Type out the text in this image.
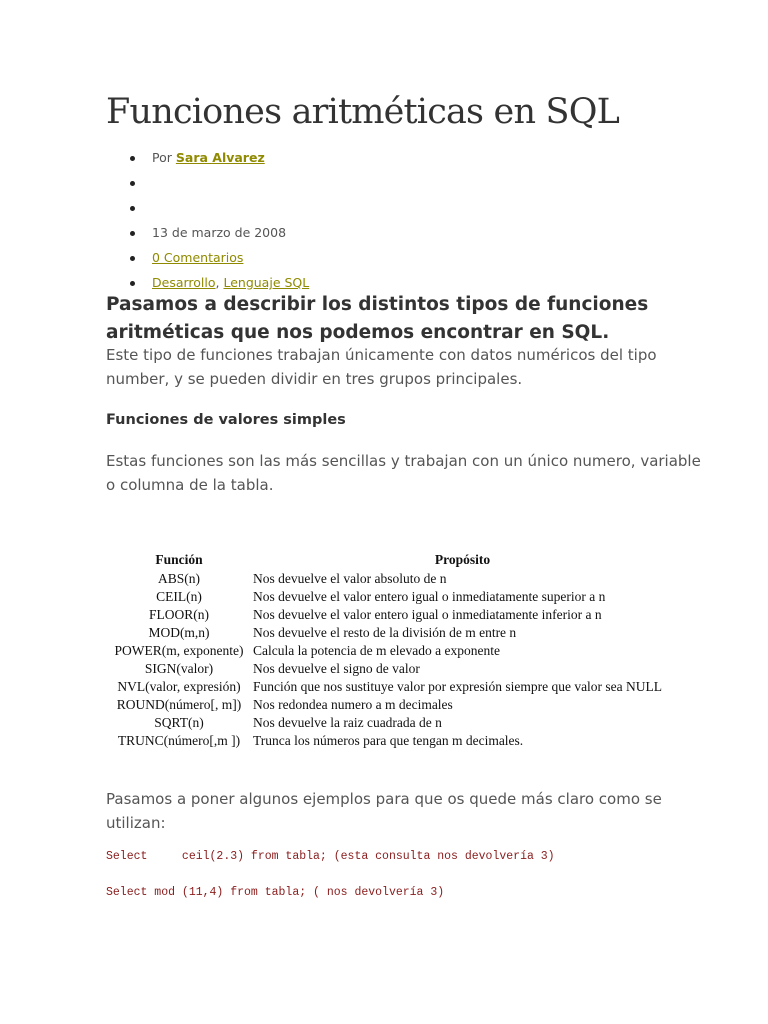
Funciones aritméticas en SQL
Por Sara Alvarez
13 de marzo de 2008
0 Comentarios
Desarrollo, Lenguaje SQL
Pasamos a describir los distintos tipos de funciones aritméticas que nos podemos encontrar en SQL.

Este tipo de funciones trabajan únicamente con datos numéricos del tipo number, y se pueden dividir en tres grupos principales.

Funciones de valores simples

Estas funciones son las más sencillas y trabajan con un único numero, variable o columna de la tabla.

Función	Propósito
ABS(n)	Nos devuelve el valor absoluto de n
CEIL(n)	Nos devuelve el valor entero igual o inmediatamente superior a n
FLOOR(n)	Nos devuelve el valor entero igual o inmediatamente inferior a n
MOD(m,n)	Nos devuelve el resto de la división de m entre n
POWER(m, exponente)	Calcula la potencia de m elevado a exponente
SIGN(valor)	Nos devuelve el signo de valor
NVL(valor, expresión)	Función que nos sustituye valor por expresión siempre que valor sea NULL
ROUND(número[, m])	Nos redondea numero a m decimales
SQRT(n)	Nos devuelve la raiz cuadrada de n
TRUNC(número[,m ])	Trunca los números para que tengan m decimales.

Pasamos a poner algunos ejemplos para que os quede más claro como se utilizan:

Select     ceil(2.3) from tabla; (esta consulta nos devolvería 3)
Select mod (11,4) from tabla; ( nos devolvería 3)
